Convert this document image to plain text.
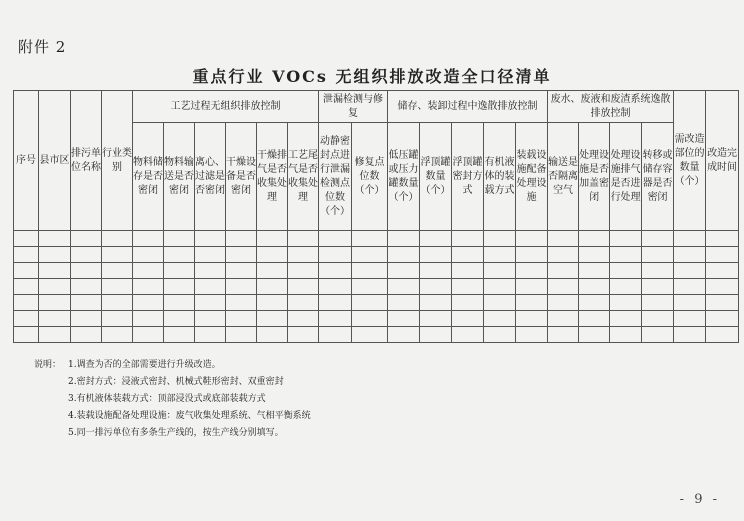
附件 2
重点行业 VOCs 无组织排放改造全口径清单
序号	县市区	排污单位名称	行业类别	工艺过程无组织排放控制						泄漏检测与修复		储存、装卸过程中逸散排放控制					废水、废液和废渣系统逸散排放控制				需改造部位的数量（个）	改造完成时间
				物料储存是否密闭	物料输送是否密闭	离心、过滤是否密闭	干燥设备是否密闭	干燥排气是否收集处理	工艺尾气是否收集处理	动静密封点进行泄漏检测点位数（个）	修复点位数（个）	低压罐或压力罐数量（个）	浮顶罐数量（个）	浮顶罐密封方式	有机液体的装载方式	装载设施配备处理设施	输送是否隔离空气	处理设施是否加盖密闭	处理设施排气是否进行处理	转移或储存容器是否密闭		

说明： 1.调查为否的全部需要进行升级改造。
2.密封方式：浸液式密封、机械式鞋形密封、双重密封
3.有机液体装载方式：顶部浸没式或底部装载方式
4.装载设施配备处理设施：废气收集处理系统、气相平衡系统
5.同一排污单位有多条生产线的，按生产线分别填写。
- 9 -
